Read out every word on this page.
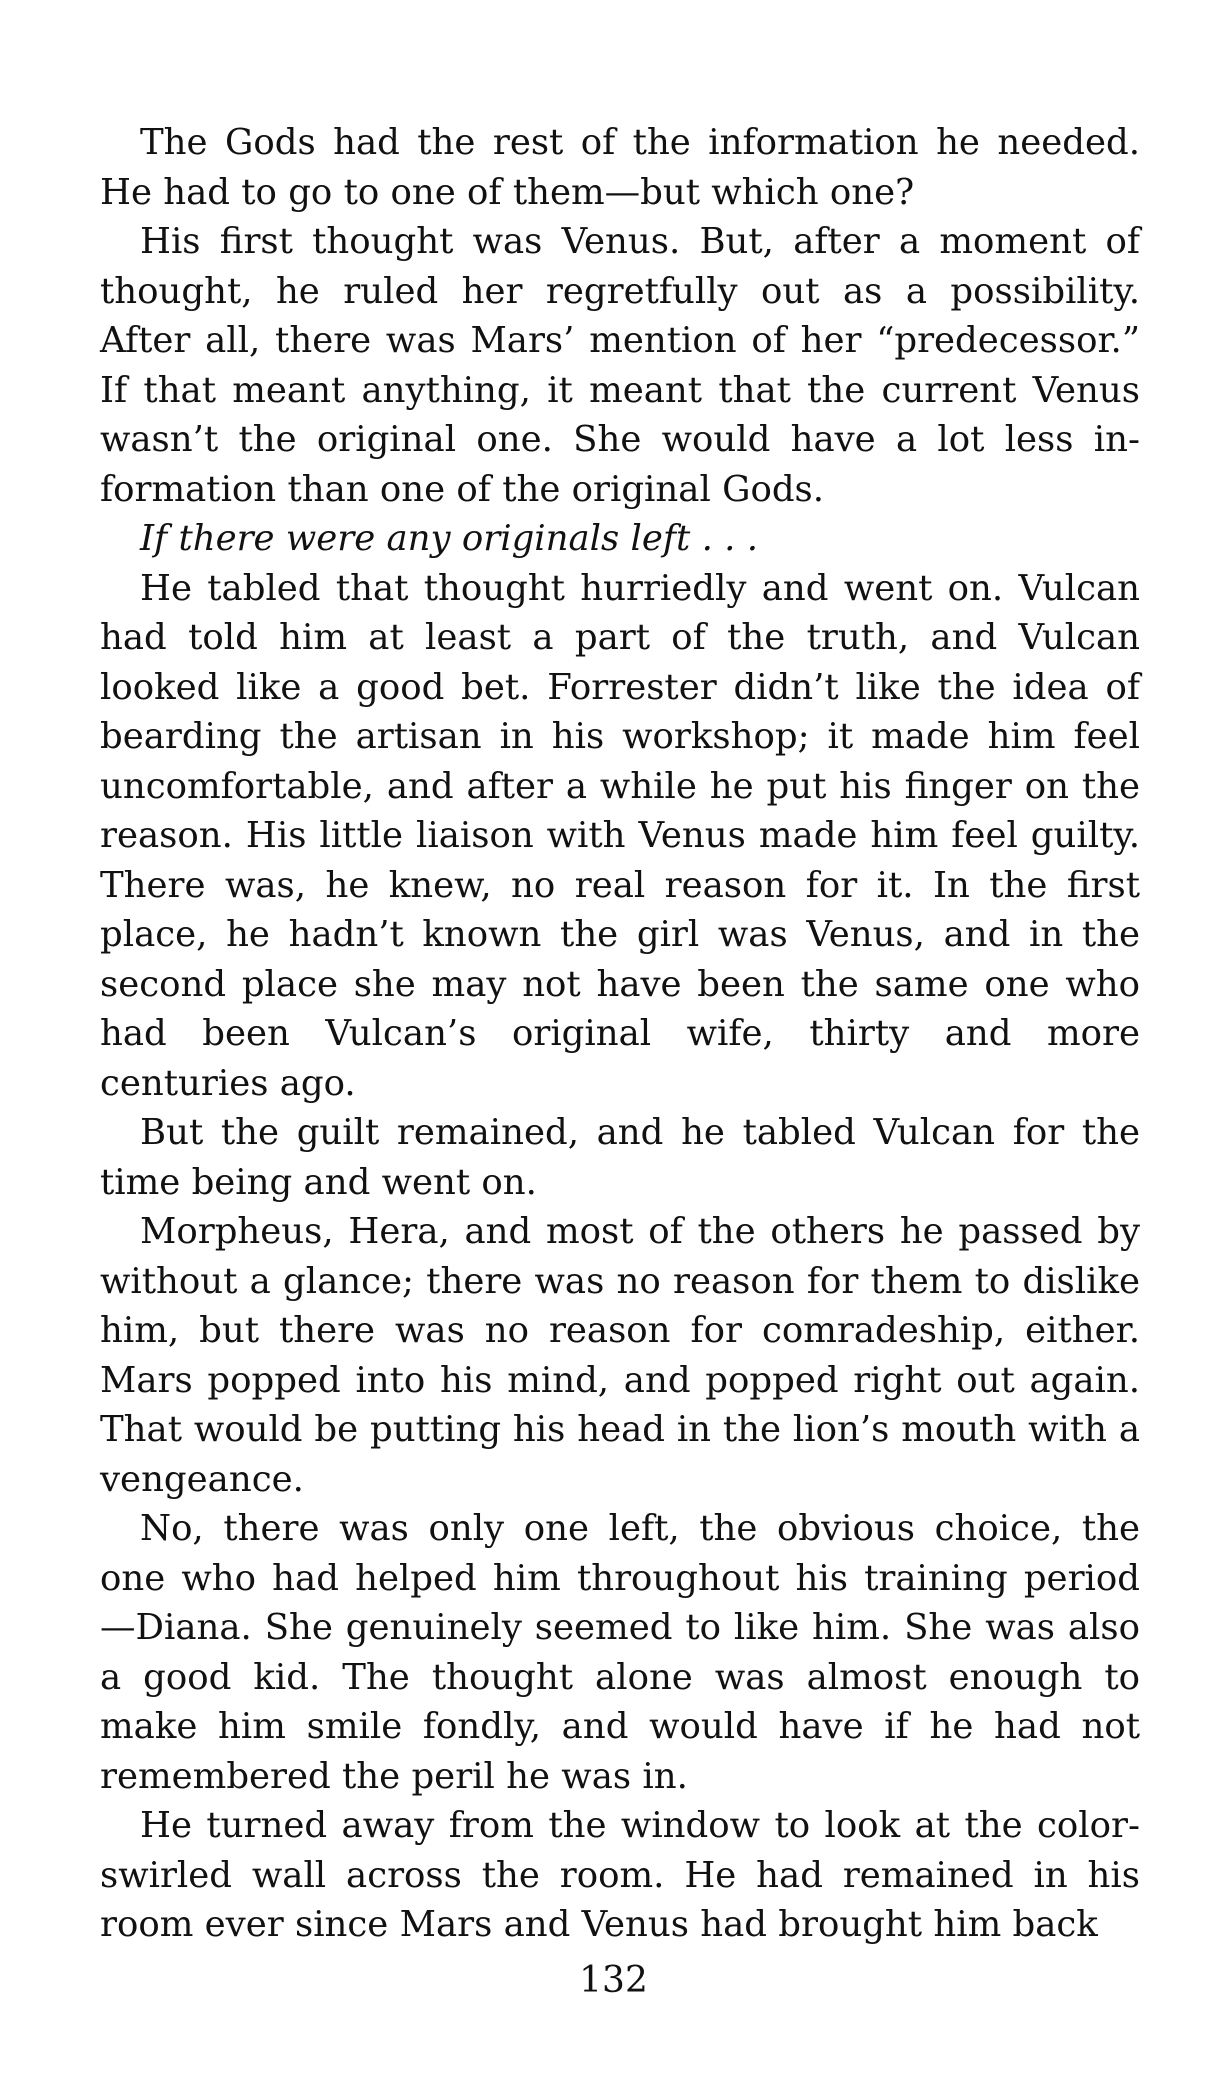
The Gods had the rest of the information he needed. He had to go to one of them—but which one?

His first thought was Venus. But, after a moment of thought, he ruled her regretfully out as a possibility. After all, there was Mars’ mention of her “predecessor.” If that meant anything, it meant that the current Venus wasn’t the original one. She would have a lot less information than one of the original Gods.

If there were any originals left . . .

He tabled that thought hurriedly and went on. Vulcan had told him at least a part of the truth, and Vulcan looked like a good bet. Forrester didn’t like the idea of bearding the artisan in his workshop; it made him feel uncomfortable, and after a while he put his finger on the reason. His little liaison with Venus made him feel guilty. There was, he knew, no real reason for it. In the first place, he hadn’t known the girl was Venus, and in the second place she may not have been the same one who had been Vulcan’s original wife, thirty and more centuries ago.

But the guilt remained, and he tabled Vulcan for the time being and went on.

Morpheus, Hera, and most of the others he passed by without a glance; there was no reason for them to dislike him, but there was no reason for comradeship, either. Mars popped into his mind, and popped right out again. That would be putting his head in the lion’s mouth with a vengeance.

No, there was only one left, the obvious choice, the one who had helped him throughout his training period —Diana. She genuinely seemed to like him. She was also a good kid. The thought alone was almost enough to make him smile fondly, and would have if he had not remembered the peril he was in.

He turned away from the window to look at the colorswirled wall across the room. He had remained in his room ever since Mars and Venus had brought him back

132
